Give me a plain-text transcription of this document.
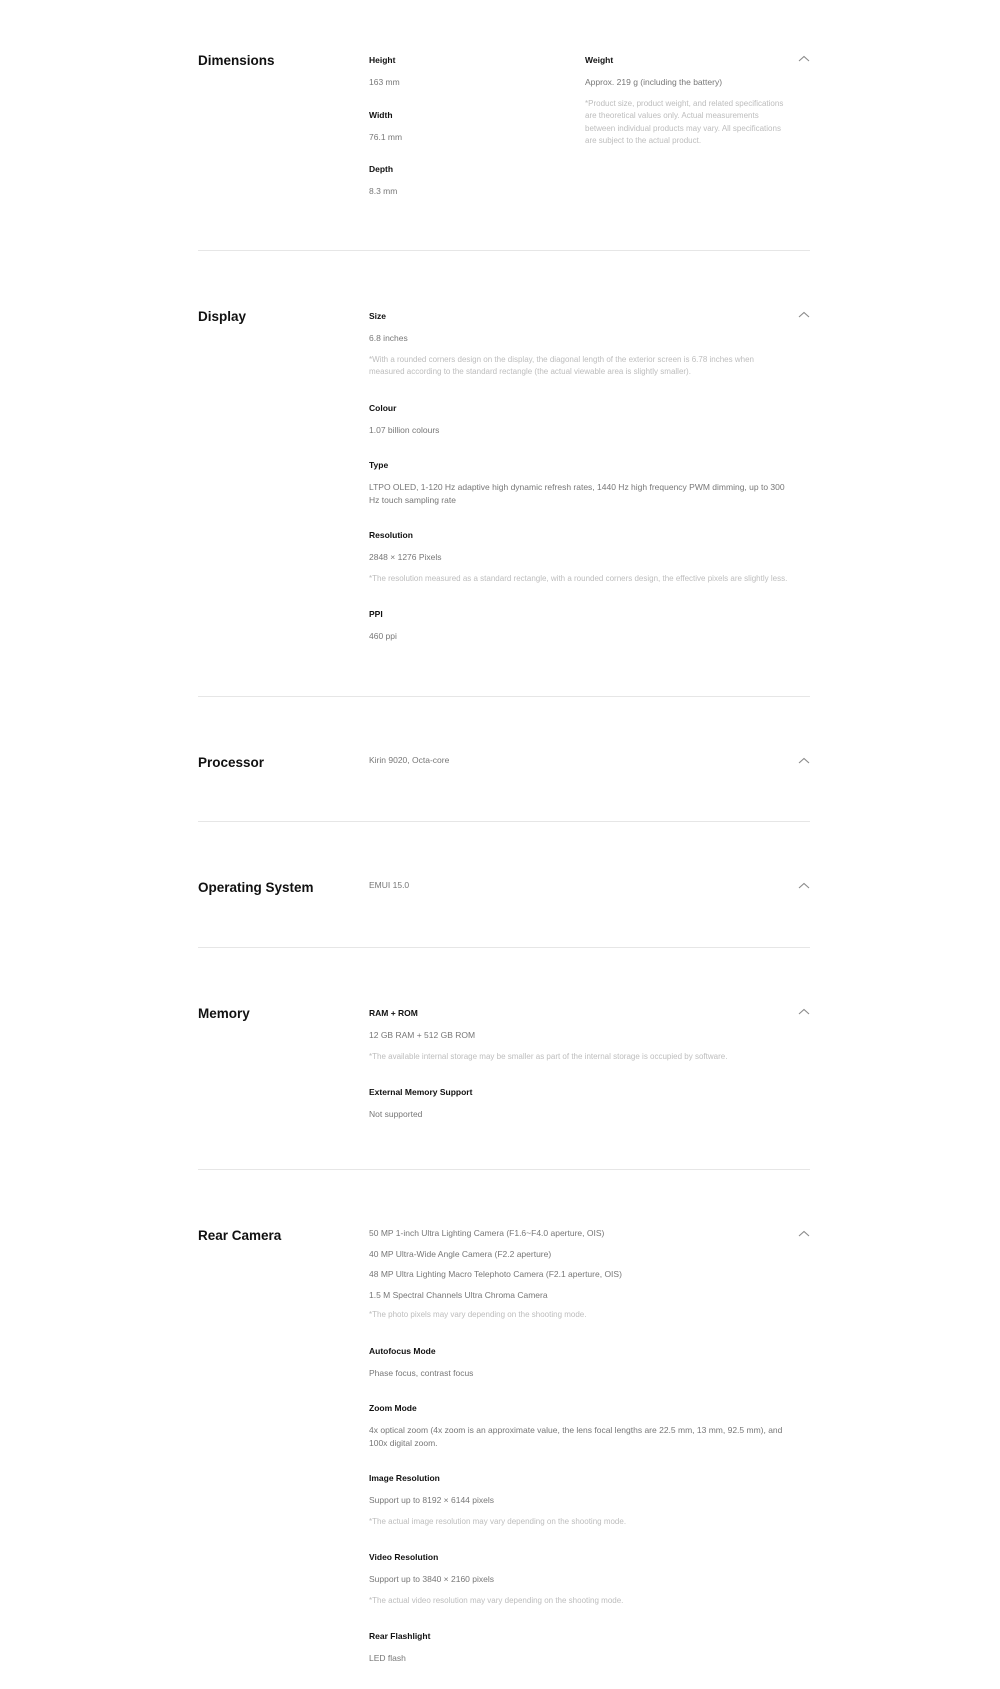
Dimensions	Height
163 mm
Width
76.1 mm
Depth
8.3 mm
Weight
Approx. 219 g (including the battery)
*Product size, product weight, and related specifications are theoretical values only. Actual measurements between individual products may vary. All specifications are subject to the actual product.
Display	Size
6.8 inches
*With a rounded corners design on the display, the diagonal length of the exterior screen is 6.78 inches when measured according to the standard rectangle (the actual viewable area is slightly smaller).
Colour
1.07 billion colours
Type
LTPO OLED, 1-120 Hz adaptive high dynamic refresh rates, 1440 Hz high frequency PWM dimming, up to 300 Hz touch sampling rate
Resolution
2848 × 1276 Pixels
*The resolution measured as a standard rectangle, with a rounded corners design, the effective pixels are slightly less.
PPI
460 ppi
Processor	Kirin 9020, Octa-core
Operating System	EMUI 15.0
Memory	RAM + ROM
12 GB RAM + 512 GB ROM
*The available internal storage may be smaller as part of the internal storage is occupied by software.
External Memory Support
Not supported
Rear Camera	50 MP 1-inch Ultra Lighting Camera (F1.6~F4.0 aperture, OIS)
40 MP Ultra-Wide Angle Camera (F2.2 aperture)
48 MP Ultra Lighting Macro Telephoto Camera (F2.1 aperture, OIS)
1.5 M Spectral Channels Ultra Chroma Camera
*The photo pixels may vary depending on the shooting mode.
Autofocus Mode
Phase focus, contrast focus
Zoom Mode
4x optical zoom (4x zoom is an approximate value, the lens focal lengths are 22.5 mm, 13 mm, 92.5 mm), and 100x digital zoom.
Image Resolution
Support up to 8192 × 6144 pixels
*The actual image resolution may vary depending on the shooting mode.
Video Resolution
Support up to 3840 × 2160 pixels
*The actual video resolution may vary depending on the shooting mode.
Rear Flashlight
LED flash
